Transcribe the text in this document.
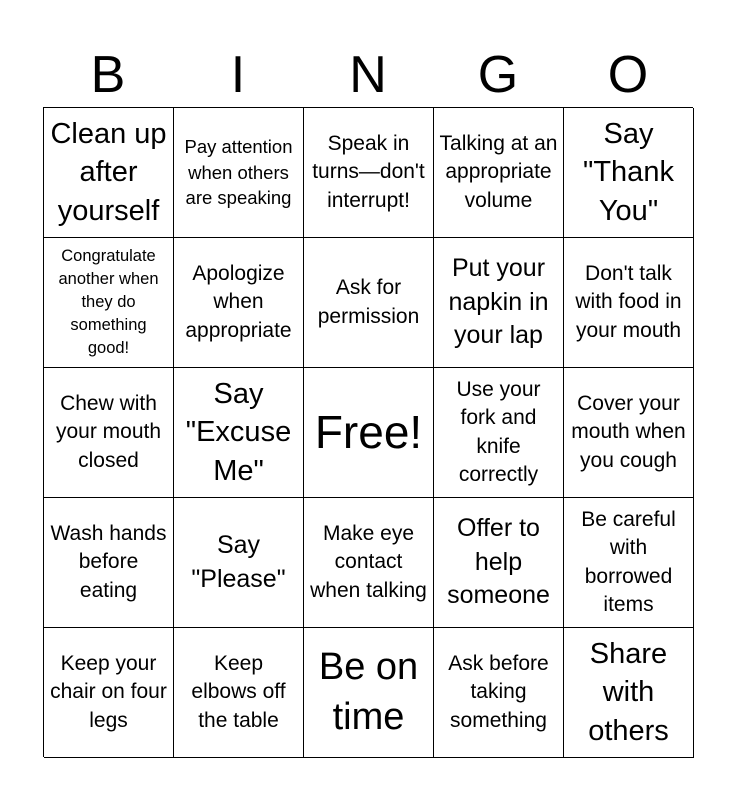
B	I	N	G	O
Clean up after yourself
Pay attention when others are speaking
Speak in turns—don't interrupt!
Talking at an appropriate volume
Say "Thank You"
Congratulate another when they do something good!
Apologize when appropriate
Ask for permission
Put your napkin in your lap
Don't talk with food in your mouth
Chew with your mouth closed
Say "Excuse Me"
Free!
Use your fork and knife correctly
Cover your mouth when you cough
Wash hands before eating
Say "Please"
Make eye contact when talking
Offer to help someone
Be careful with borrowed items
Keep your chair on four legs
Keep elbows off the table
Be on time
Ask before taking something
Share with others
